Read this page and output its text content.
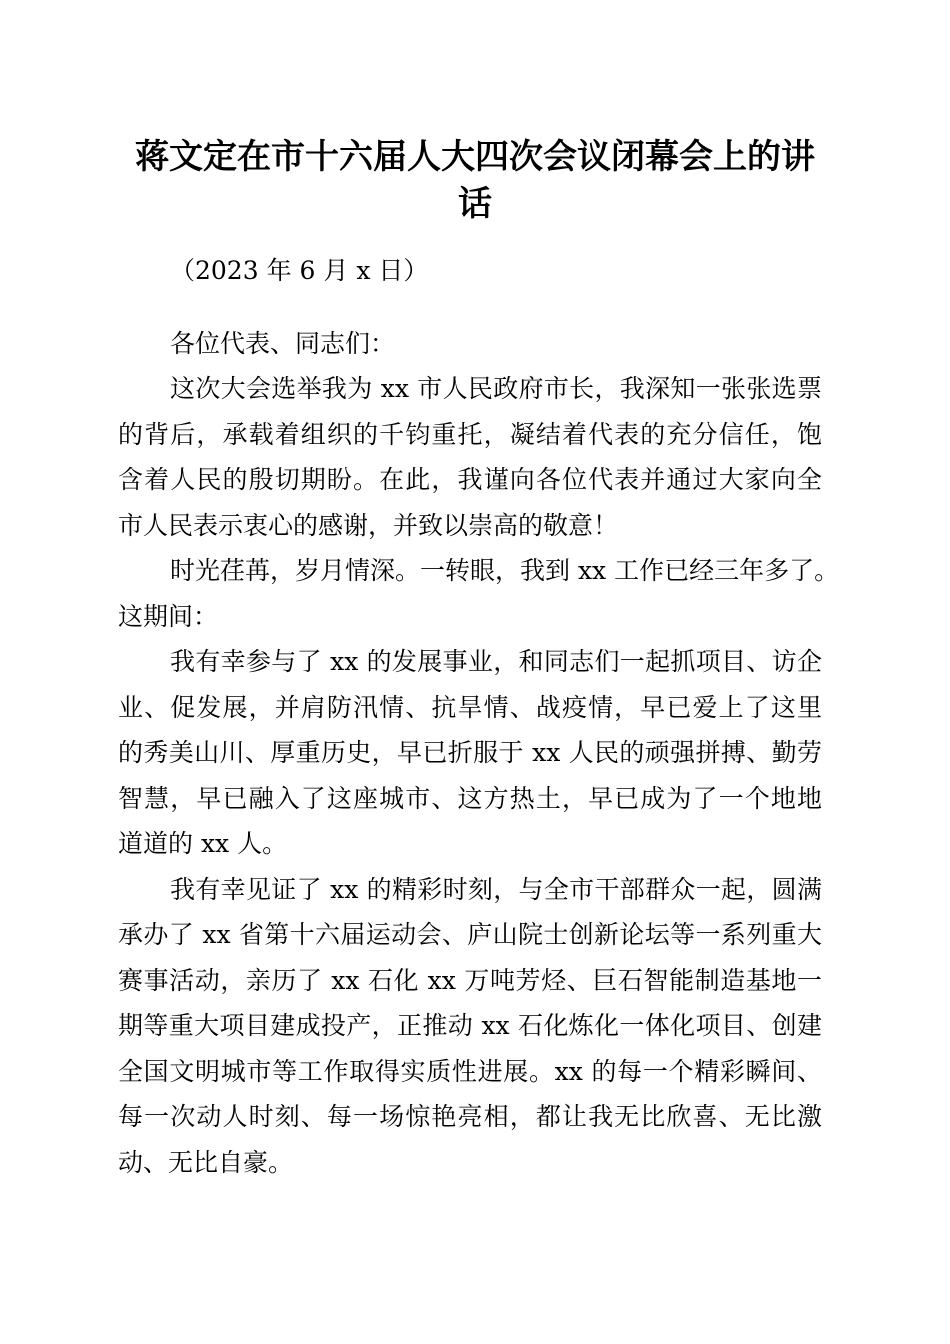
蒋文定在市十六届人大四次会议闭幕会上的讲
话
（2023 年 6 月 x 日）
各位代表、同志们：
这次大会选举我为 xx 市人民政府市长，我深知一张张选票
的背后，承载着组织的千钧重托，凝结着代表的充分信任，饱
含着人民的殷切期盼。在此，我谨向各位代表并通过大家向全
市人民表示衷心的感谢，并致以崇高的敬意！
时光荏苒，岁月情深。一转眼，我到 xx 工作已经三年多了。
这期间：
我有幸参与了 xx 的发展事业，和同志们一起抓项目、访企
业、促发展，并肩防汛情、抗旱情、战疫情，早已爱上了这里
的秀美山川、厚重历史，早已折服于 xx 人民的顽强拼搏、勤劳
智慧，早已融入了这座城市、这方热土，早已成为了一个地地
道道的 xx 人。
我有幸见证了 xx 的精彩时刻，与全市干部群众一起，圆满
承办了 xx 省第十六届运动会、庐山院士创新论坛等一系列重大
赛事活动，亲历了 xx 石化 xx 万吨芳烃、巨石智能制造基地一
期等重大项目建成投产，正推动 xx 石化炼化一体化项目、创建
全国文明城市等工作取得实质性进展。xx 的每一个精彩瞬间、
每一次动人时刻、每一场惊艳亮相，都让我无比欣喜、无比激
动、无比自豪。
